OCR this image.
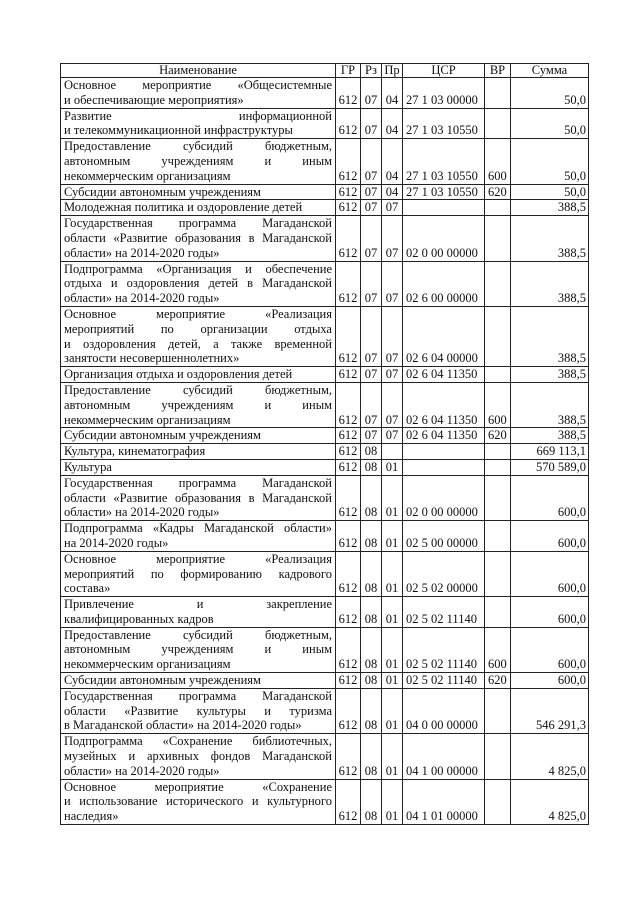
Наименование	ГР	Рз	Пр	ЦСР	ВР	Сумма

Основное мероприятие «Общесистемные
и обеспечивающие мероприятия»	612	07	04	27 1 03 00000		50,0

Развитие информационной
и телекоммуникационной инфраструктуры	612	07	04	27 1 03 10550		50,0

Предоставление субсидий бюджетным,
автономным учреждениям и иным
некоммерческим организациям	612	07	04	27 1 03 10550	600	50,0

Субсидии автономным учреждениям	612	07	04	27 1 03 10550	620	50,0

Молодежная политика и оздоровление детей	612	07	07			388,5

Государственная программа Магаданской
области «Развитие образования в Магаданской
области» на 2014-2020 годы»	612	07	07	02 0 00 00000		388,5

Подпрограмма «Организация и обеспечение
отдыха и оздоровления детей в Магаданской
области» на 2014-2020 годы»	612	07	07	02 6 00 00000		388,5

Основное мероприятие «Реализация
мероприятий по организации отдыха
и оздоровления детей, а также временной
занятости несовершеннолетних»	612	07	07	02 6 04 00000		388,5

Организация отдыха и оздоровления детей	612	07	07	02 6 04 11350		388,5

Предоставление субсидий бюджетным,
автономным учреждениям и иным
некоммерческим организациям	612	07	07	02 6 04 11350	600	388,5

Субсидии автономным учреждениям	612	07	07	02 6 04 11350	620	388,5

Культура, кинематография	612	08				669 113,1

Культура	612	08	01			570 589,0

Государственная программа Магаданской
области «Развитие образования в Магаданской
области» на 2014-2020 годы»	612	08	01	02 0 00 00000		600,0

Подпрограмма «Кадры Магаданской области»
на 2014-2020 годы»	612	08	01	02 5 00 00000		600,0

Основное мероприятие «Реализация
мероприятий по формированию кадрового
состава»	612	08	01	02 5 02 00000		600,0

Привлечение и закрепление
квалифицированных кадров	612	08	01	02 5 02 11140		600,0

Предоставление субсидий бюджетным,
автономным учреждениям и иным
некоммерческим организациям	612	08	01	02 5 02 11140	600	600,0

Субсидии автономным учреждениям	612	08	01	02 5 02 11140	620	600,0

Государственная программа Магаданской
области «Развитие культуры и туризма
в Магаданской области» на 2014-2020 годы»	612	08	01	04 0 00 00000		546 291,3

Подпрограмма «Сохранение библиотечных,
музейных и архивных фондов Магаданской
области» на 2014-2020 годы»	612	08	01	04 1 00 00000		4 825,0

Основное мероприятие «Сохранение
и использование исторического и культурного
наследия»	612	08	01	04 1 01 00000		4 825,0
